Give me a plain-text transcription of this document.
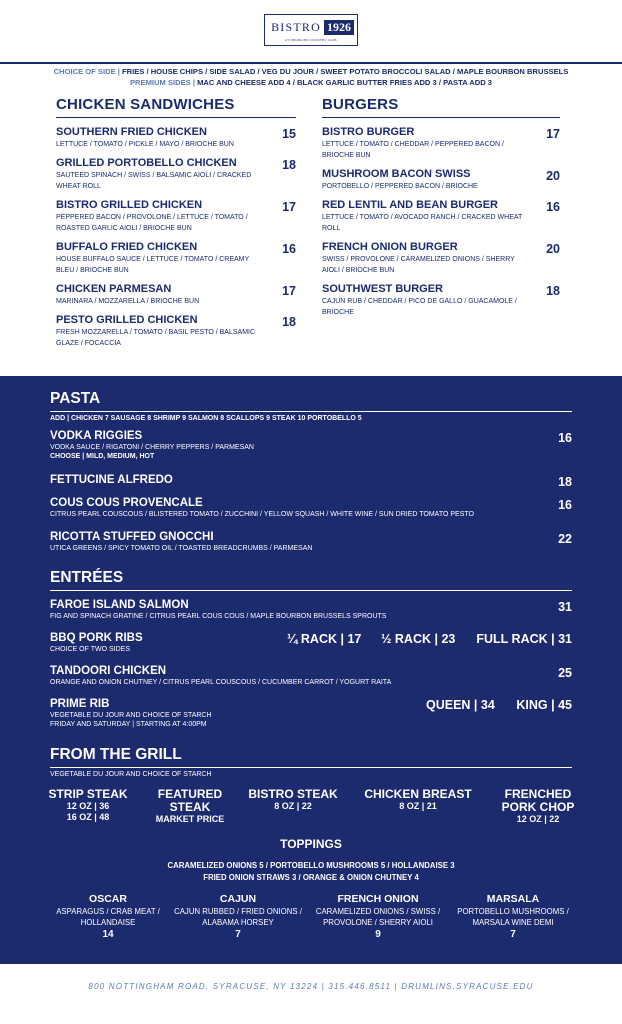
BISTRO 1926
AT DRUMLINS COUNTRY CLUB
CHOICE OF SIDE | FRIES / HOUSE CHIPS / SIDE SALAD / VEG DU JOUR / SWEET POTATO BROCCOLI SALAD / MAPLE BOURBON BRUSSELS
PREMIUM SIDES | MAC AND CHEESE ADD 4 / BLACK GARLIC BUTTER FRIES ADD 3 / PASTA ADD 3
CHICKEN SANDWICHES
SOUTHERN FRIED CHICKEN
LETTUCE / TOMATO / PICKLE / MAYO / BRIOCHE BUN
15
GRILLED PORTOBELLO CHICKEN
SAUTEED SPINACH / SWISS / BALSAMIC AIOLI / CRACKED WHEAT ROLL
18
BISTRO GRILLED CHICKEN
PEPPERED BACON / PROVOLONE / LETTUCE / TOMATO / ROASTED GARLIC AIOLI / BRIOCHE BUN
17
BUFFALO FRIED CHICKEN
HOUSE BUFFALO SAUCE / LETTUCE / TOMATO / CREAMY BLEU / BRIOCHE BUN
16
CHICKEN PARMESAN
MARINARA / MOZZARELLA / BRIOCHE BUN
17
PESTO GRILLED CHICKEN
FRESH MOZZARELLA / TOMATO / BASIL PESTO / BALSAMIC GLAZE / FOCACCIA
18
BURGERS
BISTRO BURGER
LETTUCE / TOMATO / CHEDDAR / PEPPERED BACON / BRIOCHE BUN
17
MUSHROOM BACON SWISS
PORTOBELLO / PEPPERED BACON / BRIOCHE
20
RED LENTIL AND BEAN BURGER
LETTUCE / TOMATO / AVOCADO RANCH / CRACKED WHEAT ROLL
16
FRENCH ONION BURGER
SWISS / PROVOLONE / CARAMELIZED ONIONS / SHERRY AIOLI / BRIOCHE BUN
20
SOUTHWEST BURGER
CAJUN RUB / CHEDDAR / PICO DE GALLO / GUACAMOLE / BRIOCHE
18
PASTA
ADD | CHICKEN 7 SAUSAGE 8 SHRIMP 9 SALMON 8 SCALLOPS 9 STEAK 10 PORTOBELLO 5
VODKA RIGGIES
VODKA SAUCE / RIGATONI / CHERRY PEPPERS / PARMESAN
CHOOSE | MILD, MEDIUM, HOT
16
FETTUCINE ALFREDO	18
COUS COUS PROVENCALE
CITRUS PEARL COUSCOUS / BLISTERED TOMATO / ZUCCHINI / YELLOW SQUASH / WHITE WINE / SUN DRIED TOMATO PESTO
16
RICOTTA STUFFED GNOCCHI
UTICA GREENS / SPICY TOMATO OIL / TOASTED BREADCRUMBS / PARMESAN
22
ENTRÉES
FAROE ISLAND SALMON
FIG AND SPINACH GRATINE / CITRUS PEARL COUS COUS / MAPLE BOURBON BRUSSELS SPROUTS
31
BBQ PORK RIBS
CHOICE OF TWO SIDES
¼ RACK | 17 ½ RACK | 23 FULL RACK | 31
TANDOORI CHICKEN
ORANGE AND ONION CHUTNEY / CITRUS PEARL COUSCOUS / CUCUMBER CARROT / YOGURT RAITA
25
PRIME RIB
VEGETABLE DU JOUR AND CHOICE OF STARCH
FRIDAY AND SATURDAY | STARTING AT 4:00PM
QUEEN | 34 KING | 45
FROM THE GRILL
VEGETABLE DU JOUR AND CHOICE OF STARCH
STRIP STEAK
12 OZ | 36
16 OZ | 48
FEATURED
STEAK
MARKET PRICE
BISTRO STEAK
8 OZ | 22
CHICKEN BREAST
8 OZ | 21
FRENCHED
PORK CHOP
12 OZ | 22
TOPPINGS
CARAMELIZED ONIONS 5 / PORTOBELLO MUSHROOMS 5 / HOLLANDAISE 3
FRIED ONION STRAWS 3 / ORANGE & ONION CHUTNEY 4
OSCAR
ASPARAGUS / CRAB MEAT /
HOLLANDAISE
14
CAJUN
CAJUN RUBBED / FRIED ONIONS /
ALABAMA HORSEY
7
FRENCH ONION
CARAMELIZED ONIONS / SWISS /
PROVOLONE / SHERRY AIOLI
9
MARSALA
PORTOBELLO MUSHROOMS /
MARSALA WINE DEMI
7
800 NOTTINGHAM ROAD, SYRACUSE, NY 13224 | 315.446.8511 | DRUMLINS.SYRACUSE.EDU
